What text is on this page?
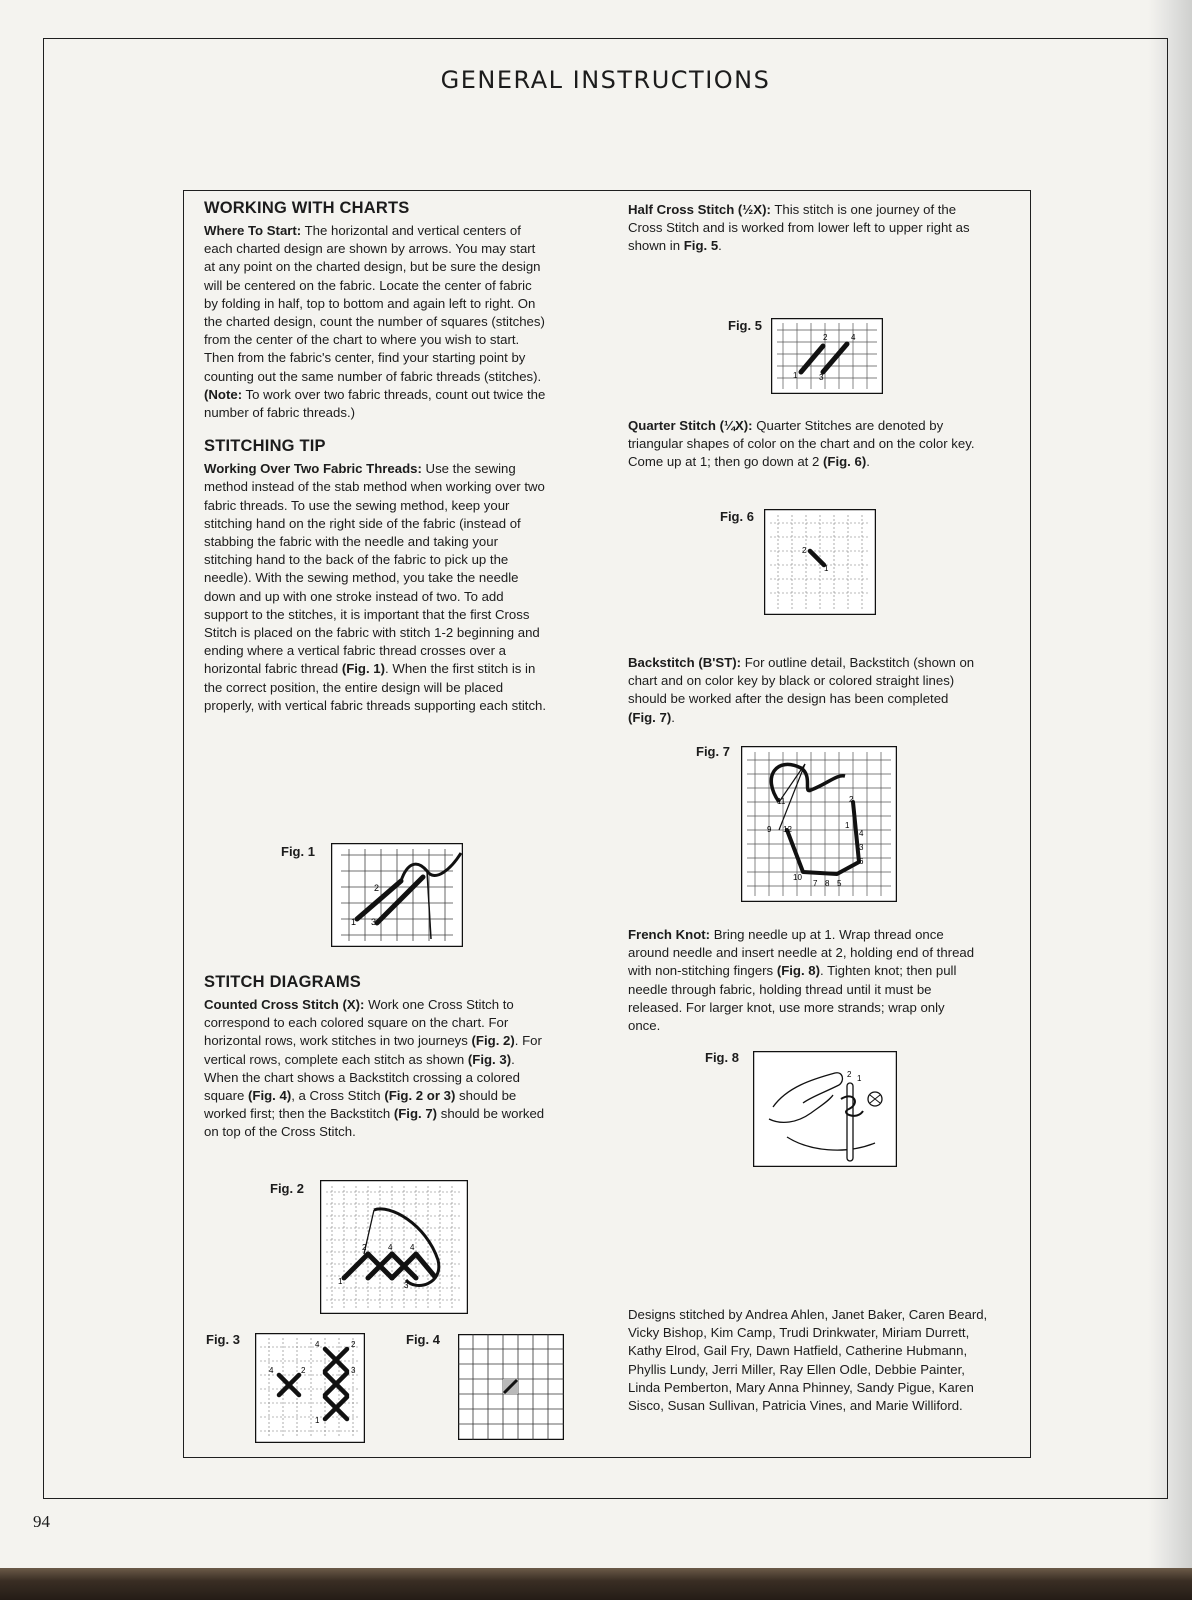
94
GENERAL INSTRUCTIONS
WORKING WITH CHARTS

Where To Start: The horizontal and vertical centers of each charted design are shown by arrows. You may start at any point on the charted design, but be sure the design will be centered on the fabric. Locate the center of fabric by folding in half, top to bottom and again left to right. On the charted design, count the number of squares (stitches) from the center of the chart to where you wish to start. Then from the fabric's center, find your starting point by counting out the same number of fabric threads (stitches). (Note: To work over two fabric threads, count out twice the number of fabric threads.)

STITCHING TIP

Working Over Two Fabric Threads: Use the sewing method instead of the stab method when working over two fabric threads. To use the sewing method, keep your stitching hand on the right side of the fabric (instead of stabbing the fabric with the needle and taking your stitching hand to the back of the fabric to pick up the needle). With the sewing method, you take the needle down and up with one stroke instead of two. To add support to the stitches, it is important that the first Cross Stitch is placed on the fabric with stitch 1-2 beginning and ending where a vertical fabric thread crosses over a horizontal fabric thread (Fig. 1). When the first stitch is in the correct position, the entire design will be placed properly, with vertical fabric threads supporting each stitch.

Fig. 1
1
2
3
STITCH DIAGRAMS

Counted Cross Stitch (X): Work one Cross Stitch to correspond to each colored square on the chart. For horizontal rows, work stitches in two journeys (Fig. 2). For vertical rows, complete each stitch as shown (Fig. 3). When the chart shows a Backstitch crossing a colored square (Fig. 4), a Cross Stitch (Fig. 2 or 3) should be worked first; then the Backstitch (Fig. 7) should be worked on top of the Cross Stitch.

Fig. 2
1
2	4 4
3
Fig. 3
4	2
4	2
3
1
Fig. 4

Half Cross Stitch (½X): This stitch is one journey of the Cross Stitch and is worked from lower left to upper right as shown in Fig. 5.

Fig. 5
1
2
3
4

Quarter Stitch (¼X): Quarter Stitches are denoted by triangular shapes of color on the chart and on the color key. Come up at 1; then go down at 2 (Fig. 6).

Fig. 6
2
1

Backstitch (B'ST): For outline detail, Backstitch (shown on chart and on color key by black or colored straight lines) should be worked after the design has been completed (Fig. 7).

Fig. 7
11
9 12
2
1
4
3
6
10
7 8 5

French Knot: Bring needle up at 1. Wrap thread once around needle and insert needle at 2, holding end of thread with non-stitching fingers (Fig. 8). Tighten knot; then pull needle through fabric, holding thread until it must be released. For larger knot, use more strands; wrap only once.

Fig. 8
2 1

Designs stitched by Andrea Ahlen, Janet Baker, Caren Beard, Vicky Bishop, Kim Camp, Trudi Drinkwater, Miriam Durrett, Kathy Elrod, Gail Fry, Dawn Hatfield, Catherine Hubmann, Phyllis Lundy, Jerri Miller, Ray Ellen Odle, Debbie Painter, Linda Pemberton, Mary Anna Phinney, Sandy Pigue, Karen Sisco, Susan Sullivan, Patricia Vines, and Marie Williford.
